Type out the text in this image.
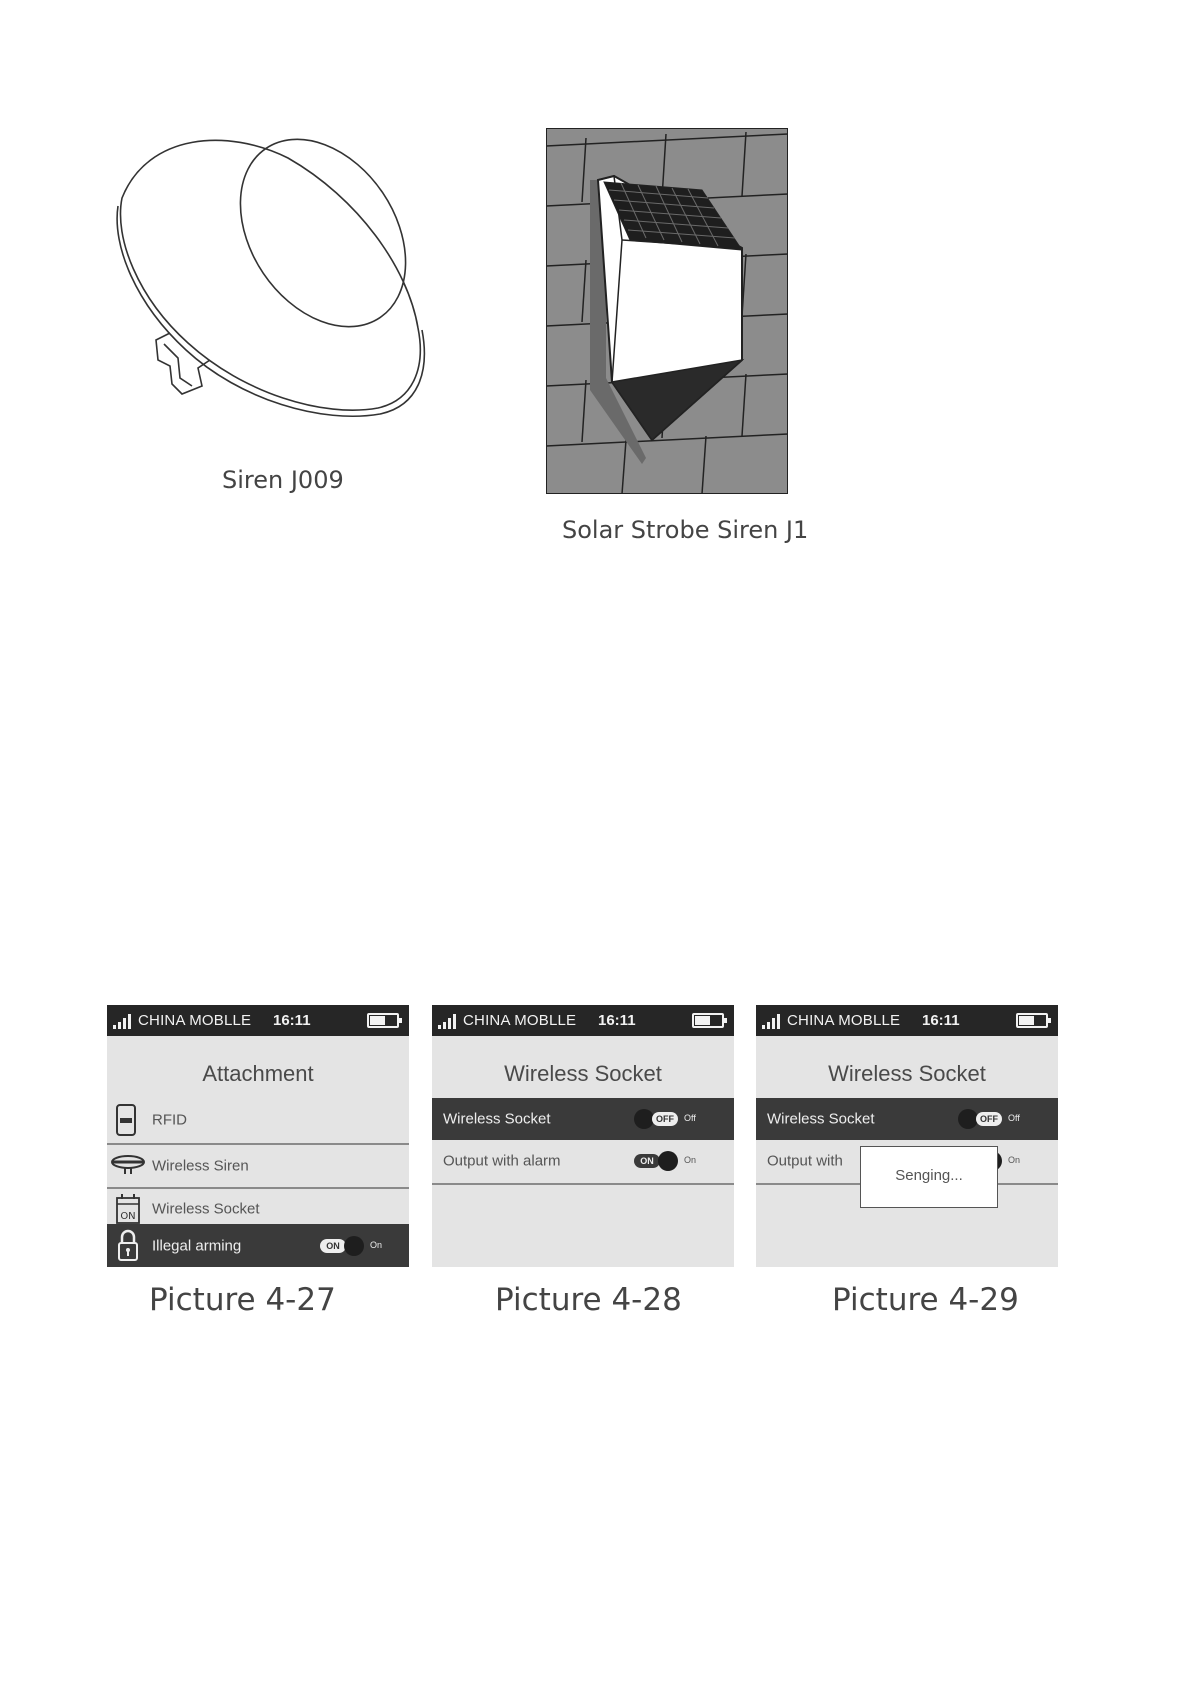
Siren J009
Solar Strobe Siren J1
CHINA MOBLLE 16:11
Attachment
RFID
Wireless Siren
ON Wireless Socket
Illegal arming	ON	On
Picture 4-27
CHINA MOBLLE 16:11
Wireless Socket
Wireless Socket	OFF	Off
Output with alarm	ON	On
Picture 4-28
CHINA MOBLLE 16:11
Wireless Socket
Wireless Socket	OFF	Off
Output with	On
Senging...
Picture 4-29
